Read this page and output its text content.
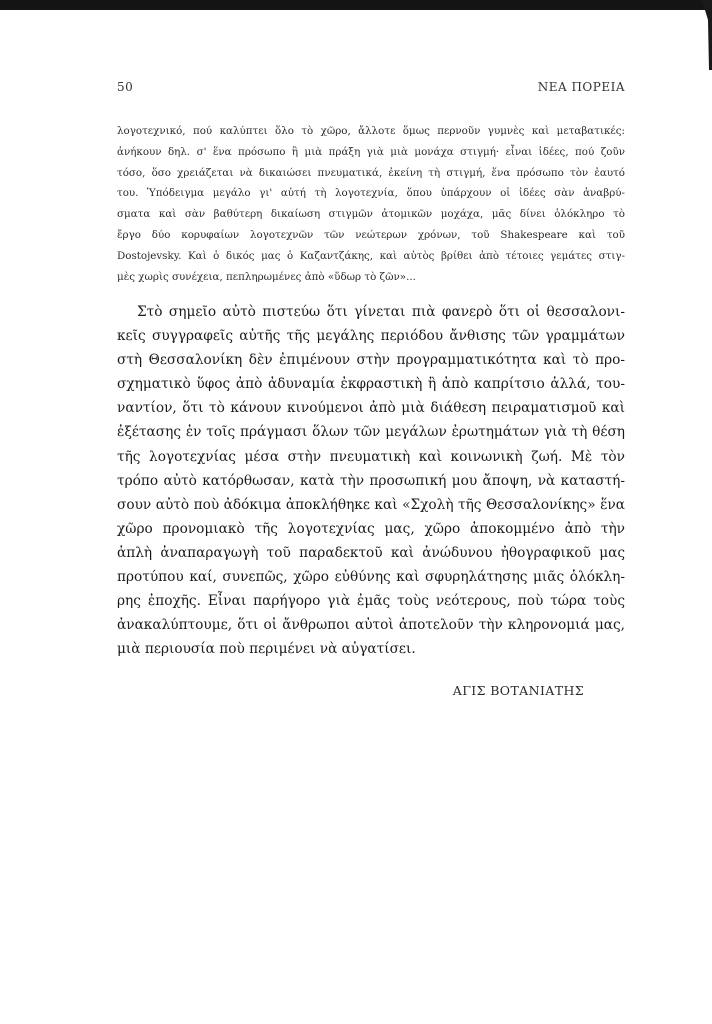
50	ΝΕΑ ΠΟΡΕΙΑ
λογοτεχνικό, πού καλύπτει ὅλο τὸ χῶρο, ἄλλοτε ὅμως περνοῦν γυμνὲς καὶ μεταβατικές:
ἀνήκουν δηλ. σ' ἕνα πρόσωπο ἢ μιὰ πράξη γιὰ μιὰ μονάχα στιγμή· εἶναι ἰδέες, πού ζοῦν
τόσο, ὅσο χρειάζεται νὰ δικαιώσει πνευματικά, ἐκείνη τὴ στιγμή, ἕνα πρόσωπο τὸν ἑαυτό
του. Ὑπόδειγμα μεγάλο γι' αὐτή τὴ λογοτεχνία, ὅπου ὑπάρχουν οἱ ἰδέες σὰν ἀναβρύ-
σματα καὶ σὰν βαθύτερη δικαίωση στιγμῶν ἀτομικῶν μοχάχα, μᾶς δίνει ὁλόκληρο τὸ
ἔργο δύο κορυφαίων λογοτεχνῶν τῶν νεώτερων χρόνων, τοῦ Shakespeare καὶ τοῦ
Dostojevsky. Καὶ ὁ δικός μας ὁ Καζαντζάκης, καὶ αὐτὸς βρίθει ἀπὸ τέτοιες γεμάτες στιγ-
μὲς χωρὶς συνέχεια, πεπληρωμένες ἀπὸ «ὕδωρ τὸ ζῶν»...
Στὸ σημεῖο αὐτὸ πιστεύω ὅτι γίνεται πιὰ φανερὸ ὅτι οἱ θεσσαλονι-
κεῖς συγγραφεῖς αὐτῆς τῆς μεγάλης περιόδου ἄνθισης τῶν γραμμάτων
στὴ Θεσσαλονίκη δὲν ἐπιμένουν στὴν προγραμματικότητα καὶ τὸ προ-
σχηματικὸ ὕφος ἀπὸ ἀδυναμία ἐκφραστικὴ ἢ ἀπὸ καπρίτσιο ἀλλά, του-
ναντίον, ὅτι τὸ κάνουν κινούμενοι ἀπὸ μιὰ διάθεση πειραματισμοῦ καὶ
ἐξέτασης ἐν τοῖς πράγμασι ὅλων τῶν μεγάλων ἐρωτημάτων γιὰ τὴ θέση
τῆς λογοτεχνίας μέσα στὴν πνευματικὴ καὶ κοινωνικὴ ζωή. Μὲ τὸν
τρόπο αὐτὸ κατόρθωσαν, κατὰ τὴν προσωπική μου ἄποψη, νὰ καταστή-
σουν αὐτὸ ποὺ ἀδόκιμα ἀποκλήθηκε καὶ «Σχολὴ τῆς Θεσσαλονίκης» ἕνα
χῶρο προνομιακὸ τῆς λογοτεχνίας μας, χῶρο ἀποκομμένο ἀπὸ τὴν
ἁπλὴ ἀναπαραγωγὴ τοῦ παραδεκτοῦ καὶ ἀνώδυνου ἠθογραφικοῦ μας
προτύπου καί, συνεπῶς, χῶρο εὐθύνης καὶ σφυρηλάτησης μιᾶς ὁλόκλη-
ρης ἐποχῆς. Εἶναι παρήγορο γιὰ ἐμᾶς τοὺς νεότερους, ποὺ τώρα τοὺς
ἀνακαλύπτουμε, ὅτι οἱ ἄνθρωποι αὐτοὶ ἀποτελοῦν τὴν κληρονομιά μας,
μιὰ περιουσία ποὺ περιμένει νὰ αὐγατίσει.
ΑΓΙΣ ΒΟΤΑΝΙΑΤΗΣ
